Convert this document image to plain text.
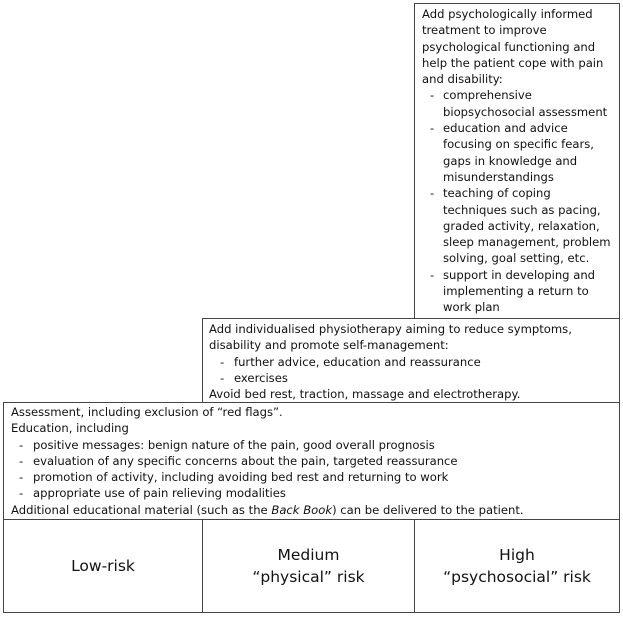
Add psychologically informed treatment to improve psychological functioning and help the patient cope with pain and disability:

- comprehensive biopsychosocial assessment
- education and advice focusing on specific fears, gaps in knowledge and misunderstandings
- teaching of coping techniques such as pacing, graded activity, relaxation, sleep management, problem solving, goal setting, etc.
- support in developing and implementing a return to work plan

Add individualised physiotherapy aiming to reduce symptoms, disability and promote self-management:

- further advice, education and reassurance
- exercises

Avoid bed rest, traction, massage and electrotherapy.

Assessment, including exclusion of “red flags”.

Education, including

- positive messages: benign nature of the pain, good overall prognosis
- evaluation of any specific concerns about the pain, targeted reassurance
- promotion of activity, including avoiding bed rest and returning to work
- appropriate use of pain relieving modalities

Additional educational material (such as the Back Book) can be delivered to the patient.

Low-risk
Medium
“physical” risk
High
“psychosocial” risk
